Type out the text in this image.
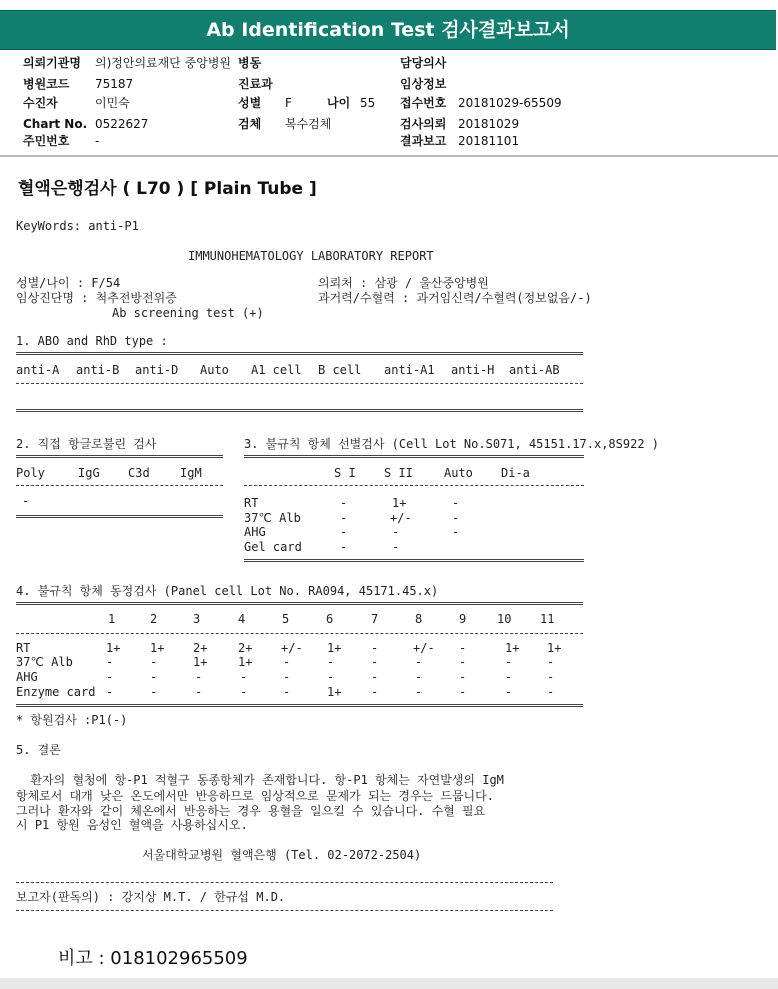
Ab Identification Test 검사결과보고서
의뢰기관명 의)정안의료재단 중앙병원
병원코드 75187
수진자	이민숙
Chart No. 0522627
주민번호 -
병동
진료과
성별 F	나이 55
검체 복수검체
담당의사
임상정보
접수번호 20181029-65509
검사의뢰 20181029
결과보고 20181101
혈액은행검사 ( L70 ) [ Plain Tube ]
KeyWords: anti-P1
IMMUNOHEMATOLOGY LABORATORY REPORT
성별/나이 : F/54
임상진단명 : 척추전방전위증
Ab screening test (+)
의뢰처 : 삼광 / 울산중앙병원
과거력/수혈력 : 과거임신력/수혈력(정보없음/-)
1. ABO and RhD type :
anti-A anti-B anti-D Auto A1 cell B cell anti-A1 anti-H anti-AB
2. 직접 항글로불린 검사
Poly	IgG C3d	IgM
-
3. 불규칙 항체 선별검사 (Cell Lot No.S071, 45151.17.x,8S922 )
S I S II	Auto Di-a
RT	-	1+	-
37℃ Alb	-	+/-	-
AHG	-	-	-
Gel card	-	-
4. 불규칙 항체 동정검사 (Panel cell Lot No. RA094, 45171.45.x)
1	2	3	4	5	6	7	8	9	10 11
RT	1+ 1+ 2+	2+ +/- 1+ -	+/- -	1+ 1+
37℃ Alb	-	-	1+	1+	-	-	-	-	-	-	-
AHG	-	-	-	-	-	-	-	-	-	-	-
Enzyme card -	-	-	-	-	1+ -	-	-	-	-
* 항원검사 :P1(-)
5. 결론
환자의 혈청에 항-P1 적혈구 동종항체가 존재합니다. 항-P1 항체는 자연발생의 IgM
항체로서 대개 낮은 온도에서만 반응하므로 임상적으로 문제가 되는 경우는 드뭅니다.
그러나 환자와 같이 체온에서 반응하는 경우 용혈을 일으킬 수 있습니다. 수혈 필요
시 P1 항원 음성인 혈액을 사용하십시오.
서울대학교병원 혈액은행 (Tel. 02-2072-2504)
보고자(판독의) : 강지상 M.T. / 한규섭 M.D.
비고 : 018102965509
